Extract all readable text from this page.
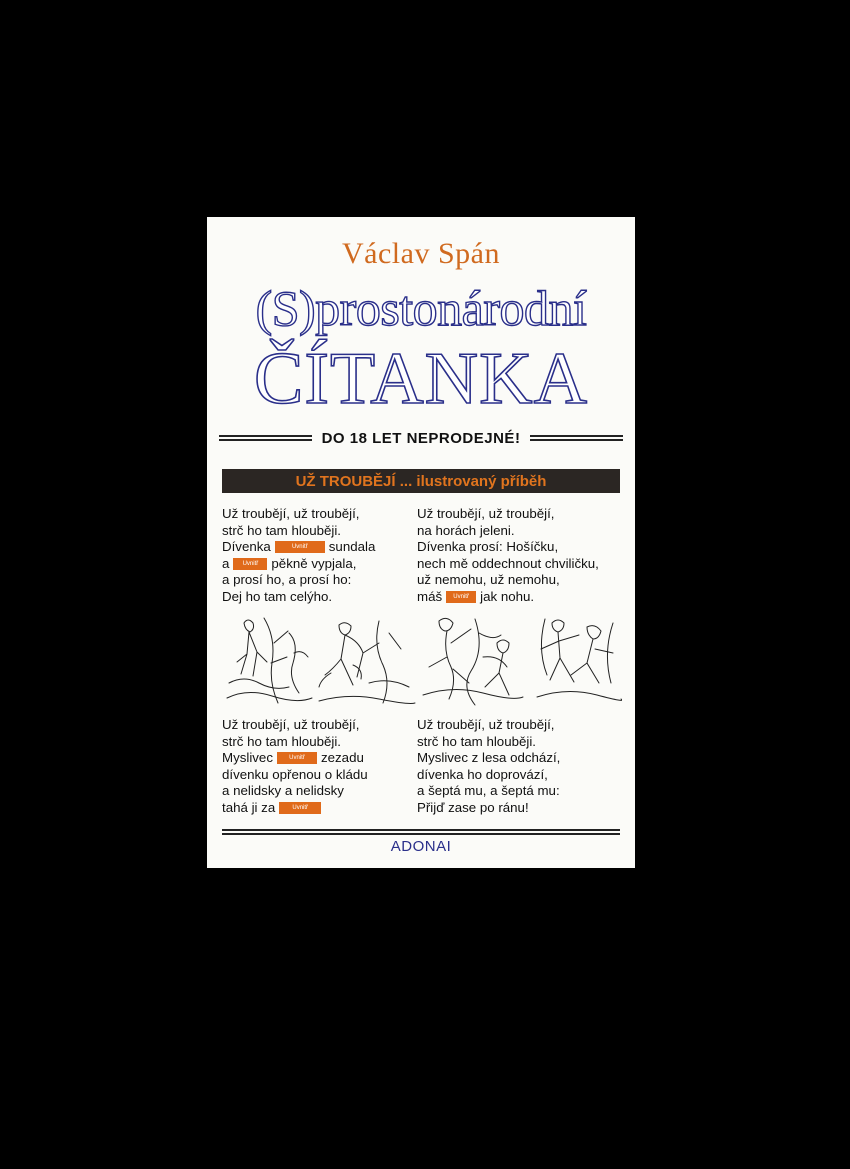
Václav Spán
(S)prostonárodní
ČÍTANKA
DO 18 LET NEPRODEJNÉ!
UŽ TROUBĚJÍ ... ilustrovaný příběh
Už troubějí, už troubějí,
strč ho tam hlouběji.
Dívenka	Uvnitř sundala
a Uvnitř pěkně vypjala,
a prosí ho, a prosí ho:
Dej ho tam celýho.
Už troubějí, už troubějí,
na horách jeleni.
Dívenka prosí: Hošíčku,
nech mě oddechnout chviličku,
už nemohu, už nemohu,
máš Uvnitř jak nohu.
Už troubějí, už troubějí,
strč ho tam hlouběji.
Myslivec	Uvnitř zezadu
dívenku opřenou o kládu
a nelidsky a nelidsky
tahá ji za	Uvnitř
Už troubějí, už troubějí,
strč ho tam hlouběji.
Myslivec z lesa odchází,
dívenka ho doprovází,
a šeptá mu, a šeptá mu:
Přijď zase po ránu!
ADONAI
